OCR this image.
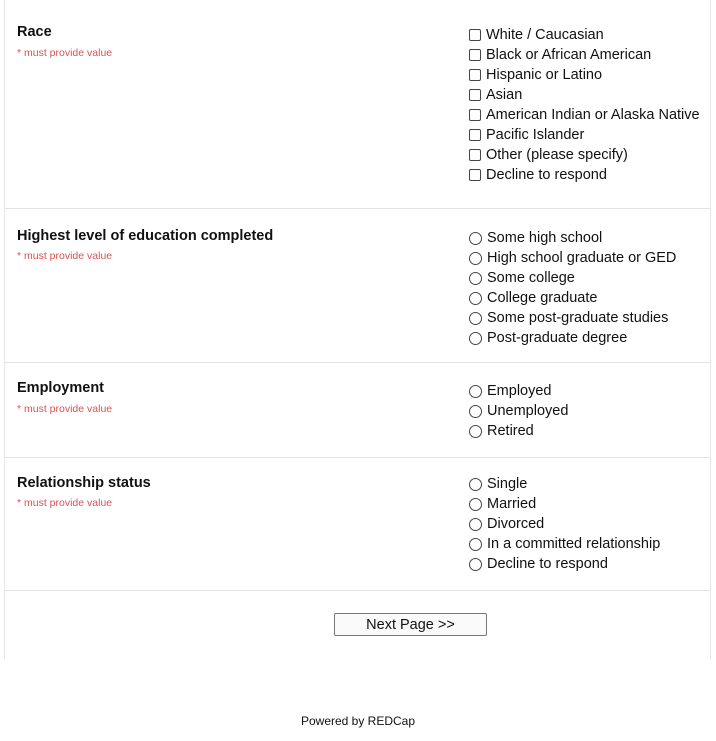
Race
* must provide value
White / Caucasian
Black or African American
Hispanic or Latino
Asian
American Indian or Alaska Native
Pacific Islander
Other (please specify)
Decline to respond
Highest level of education completed
* must provide value
Some high school
High school graduate or GED
Some college
College graduate
Some post-graduate studies
Post-graduate degree
Employment
* must provide value
Employed
Unemployed
Retired
Relationship status
* must provide value
Single
Married
Divorced
In a committed relationship
Decline to respond
Next Page >>
Powered by REDCap
